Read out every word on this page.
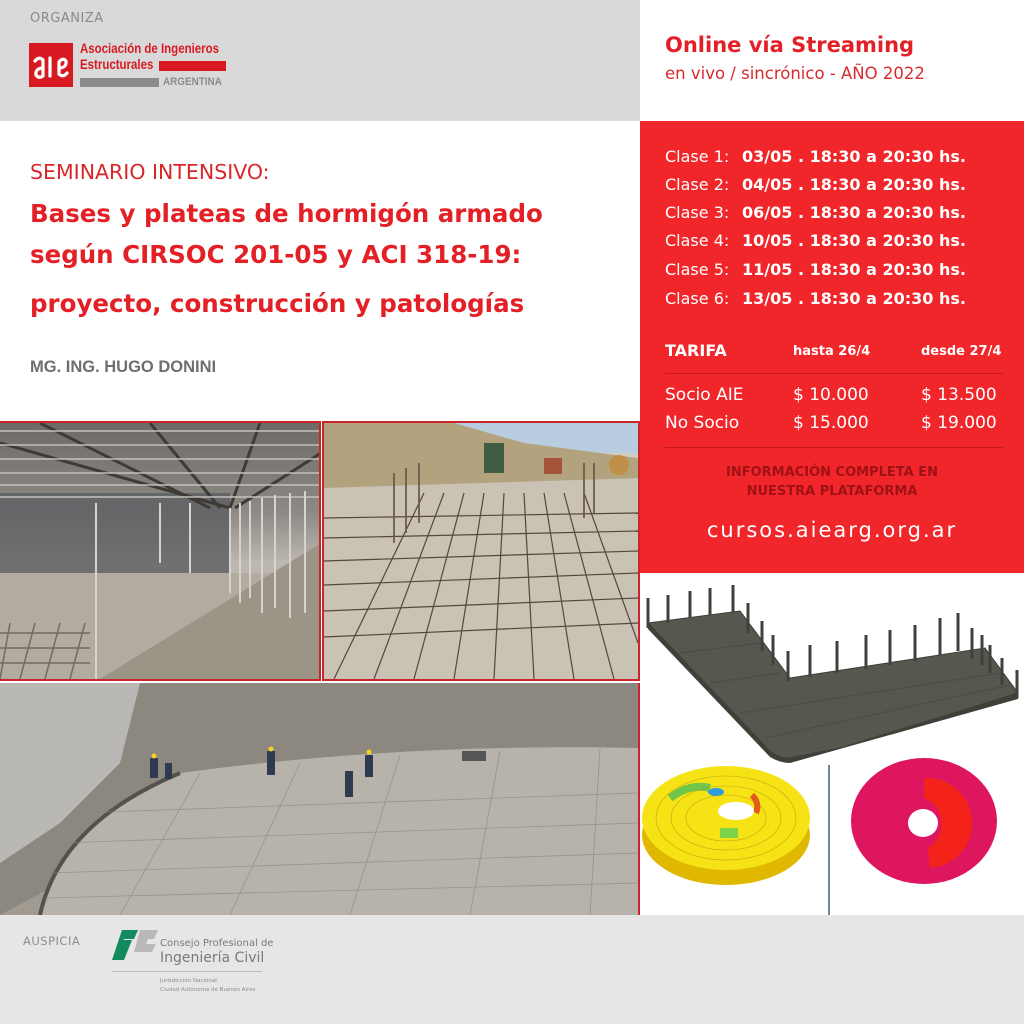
ORGANIZA
Asociación de Ingenieros
Estructurales
ARGENTINA
Online vía Streaming
en vivo / sincrónico - AÑO 2022
SEMINARIO INTENSIVO:
Bases y plateas de hormigón armado
según CIRSOC 201-05 y ACI 318-19:
proyecto, construcción y patologías
MG. ING. HUGO DONINI
Clase 1: 03/05 . 18:30 a 20:30 hs.
Clase 2: 04/05 . 18:30 a 20:30 hs.
Clase 3: 06/05 . 18:30 a 20:30 hs.
Clase 4: 10/05 . 18:30 a 20:30 hs.
Clase 5: 11/05 . 18:30 a 20:30 hs.
Clase 6: 13/05 . 18:30 a 20:30 hs.
TARIFA	hasta 26/4	desde 27/4
Socio AIE	$ 10.000	$ 13.500
No Socio	$ 15.000	$ 19.000
INFORMACIÓN COMPLETA EN
NUESTRA PLATAFORMA
cursos.aiearg.org.ar
AUSPICIA	Consejo Profesional de
Ingeniería Civil
Jurisdicción Nacional
Ciudad Autónoma de Buenos Aires
